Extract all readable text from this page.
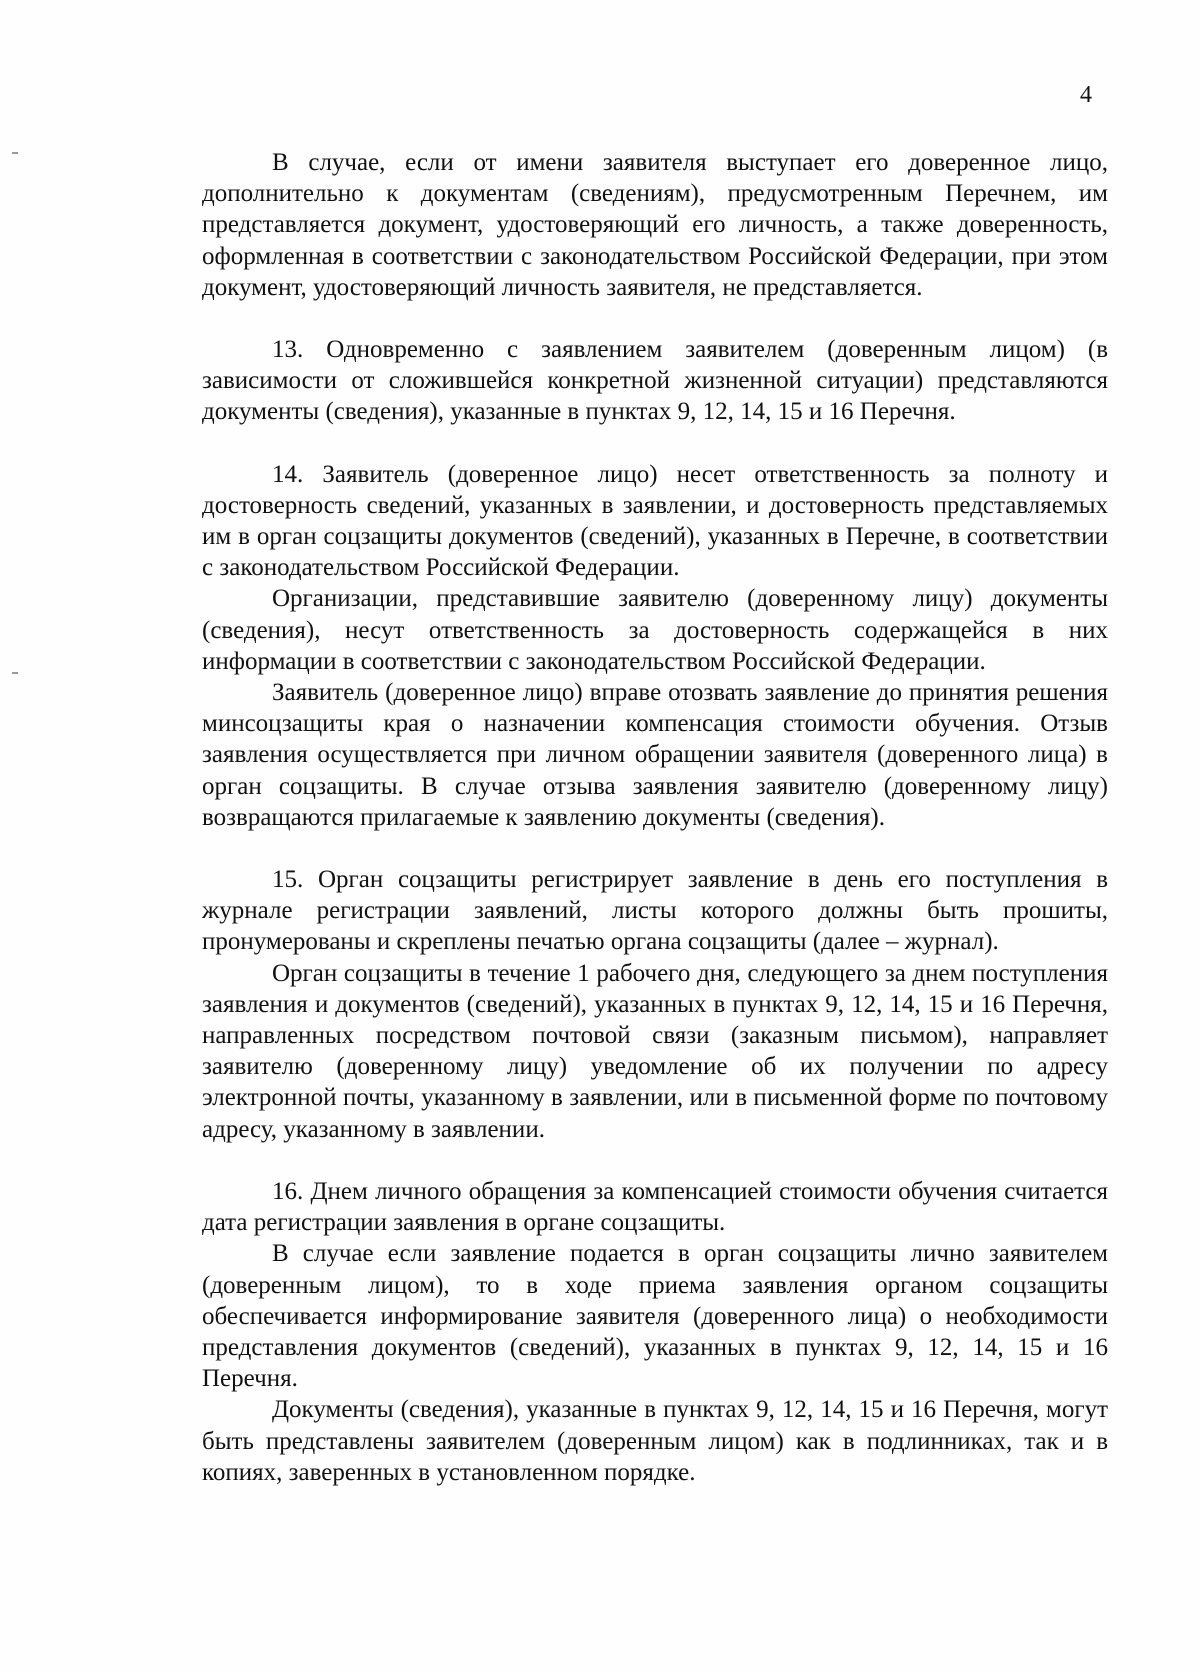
4

В случае, если от имени заявителя выступает его доверенное лицо, дополнительно к документам (сведениям), предусмотренным Перечнем, им представляется документ, удостоверяющий его личность, а также доверенность, оформленная в соответствии с законодательством Российской Федерации, при этом документ, удостоверяющий личность заявителя, не представляется.

13. Одновременно с заявлением заявителем (доверенным лицом) (в зависимости от сложившейся конкретной жизненной ситуации) представляются документы (сведения), указанные в пунктах 9, 12, 14, 15 и 16 Перечня.

14. Заявитель (доверенное лицо) несет ответственность за полноту и достоверность сведений, указанных в заявлении, и достоверность представляемых им в орган соцзащиты документов (сведений), указанных в Перечне, в соответствии с законодательством Российской Федерации.

Организации, представившие заявителю (доверенному лицу) документы (сведения), несут ответственность за достоверность содержащейся в них информации в соответствии с законодательством Российской Федерации.

Заявитель (доверенное лицо) вправе отозвать заявление до принятия решения минсоцзащиты края о назначении компенсация стоимости обучения. Отзыв заявления осуществляется при личном обращении заявителя (доверенного лица) в орган соцзащиты. В случае отзыва заявления заявителю (доверенному лицу) возвращаются прилагаемые к заявлению документы (сведения).

15. Орган соцзащиты регистрирует заявление в день его поступления в журнале регистрации заявлений, листы которого должны быть прошиты, пронумерованы и скреплены печатью органа соцзащиты (далее – журнал).

Орган соцзащиты в течение 1 рабочего дня, следующего за днем поступления заявления и документов (сведений), указанных в пунктах 9, 12, 14, 15 и 16 Перечня, направленных посредством почтовой связи (заказным письмом), направляет заявителю (доверенному лицу) уведомление об их получении по адресу электронной почты, указанному в заявлении, или в письменной форме по почтовому адресу, указанному в заявлении.

16. Днем личного обращения за компенсацией стоимости обучения считается дата регистрации заявления в органе соцзащиты.

В случае если заявление подается в орган соцзащиты лично заявителем (доверенным лицом), то в ходе приема заявления органом соцзащиты обеспечивается информирование заявителя (доверенного лица) о необходимости представления документов (сведений), указанных в пунктах 9, 12, 14, 15 и 16 Перечня.

Документы (сведения), указанные в пунктах 9, 12, 14, 15 и 16 Перечня, могут быть представлены заявителем (доверенным лицом) как в подлинниках, так и в копиях, заверенных в установленном порядке.
